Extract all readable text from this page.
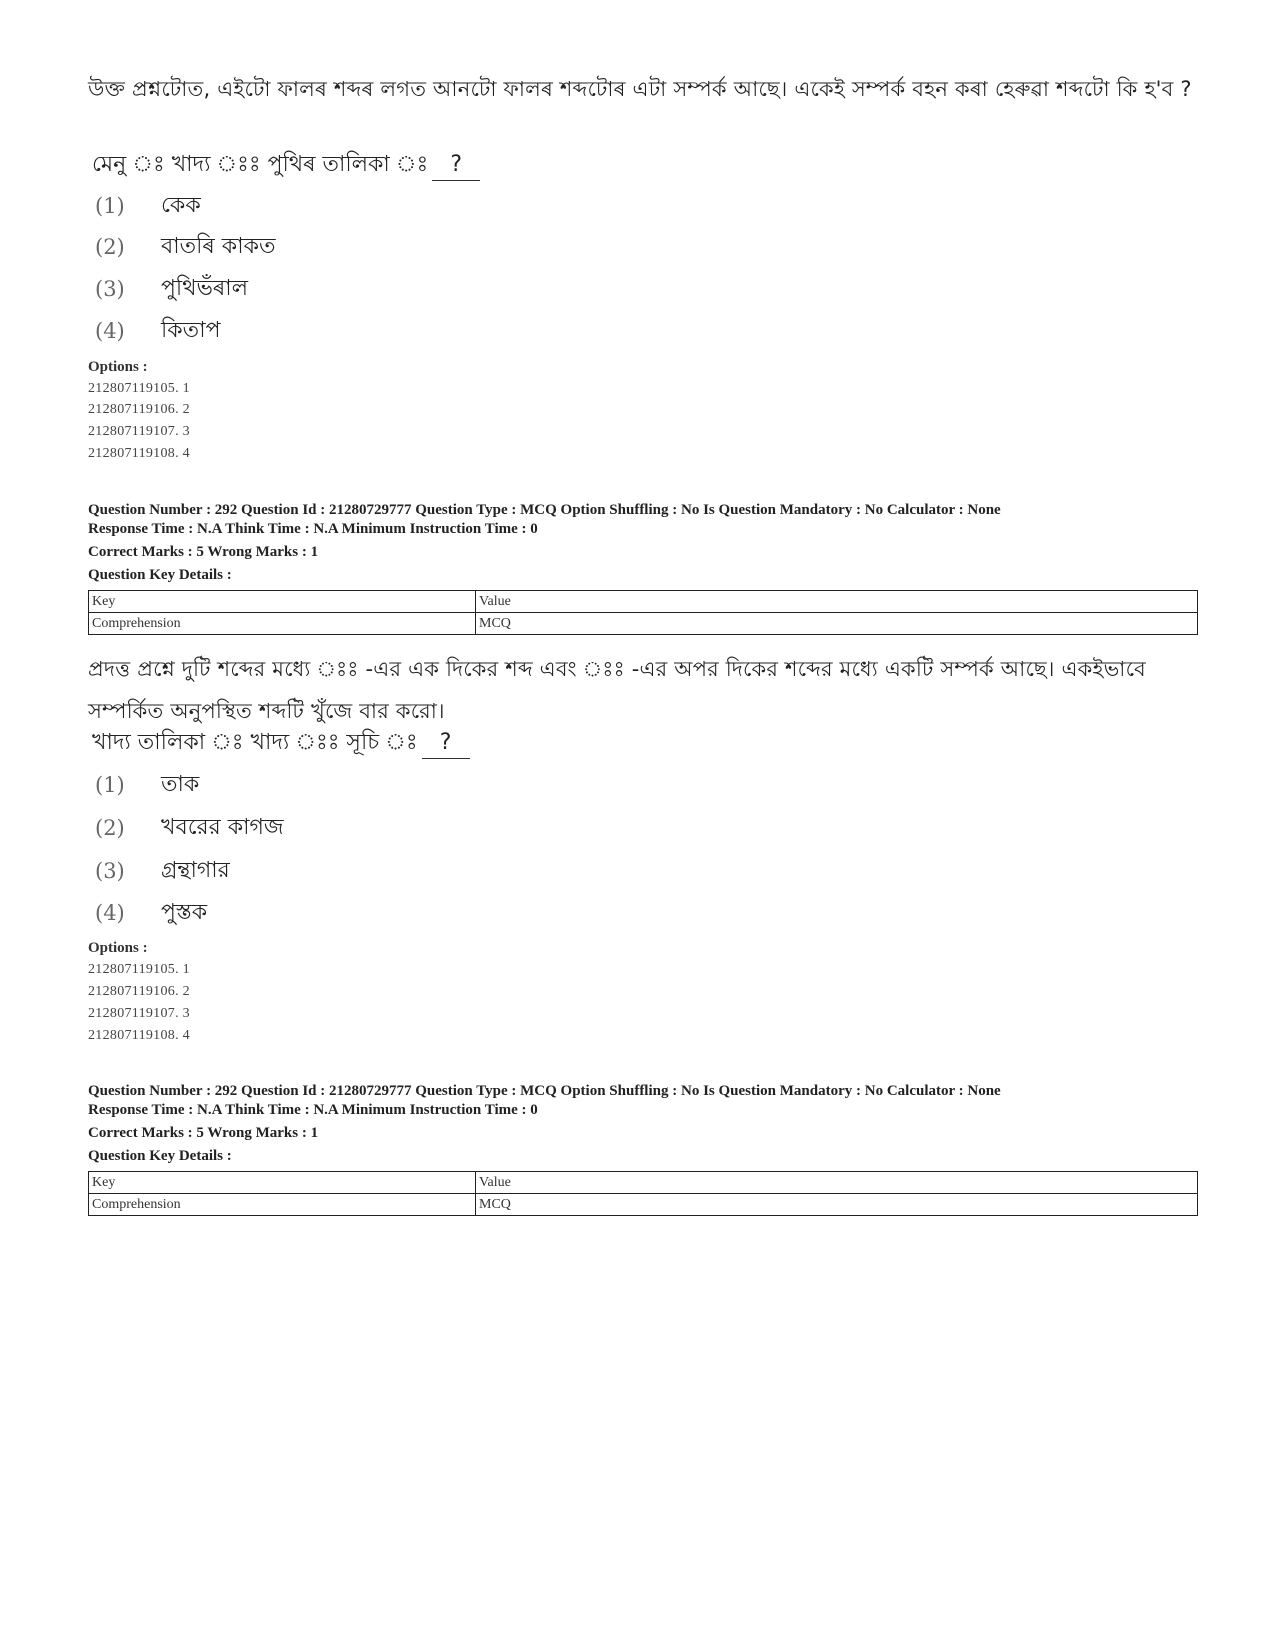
উক্ত প্ৰশ্নটোত, এইটো ফালৰ শব্দৰ লগত আনটো ফালৰ শব্দটোৰ এটা সম্পৰ্ক আছে। একেই সম্পৰ্ক বহন কৰা হেৰুৱা শব্দটো কি হ'ব ?
মেনু ঃ খাদ্য ঃঃ পুথিৰ তালিকা ঃ ?
(1)	কেক
(2)	বাতৰি কাকত
(3)	পুথিভঁৰাল
(4)	কিতাপ
Options :
212807119105. 1
212807119106. 2
212807119107. 3
212807119108. 4
Question Number : 292 Question Id : 21280729777 Question Type : MCQ Option Shuffling : No Is Question Mandatory : No Calculator : None
Response Time : N.A Think Time : N.A Minimum Instruction Time : 0
Correct Marks : 5 Wrong Marks : 1
Question Key Details :
Key	Value
Comprehension	MCQ
প্রদত্ত প্রশ্নে দুটি শব্দের মধ্যে ঃঃ -এর এক দিকের শব্দ এবং ঃঃ -এর অপর দিকের শব্দের মধ্যে একটি সম্পর্ক আছে। একইভাবে সম্পর্কিত অনুপস্থিত শব্দটি খুঁজে বার করো।
খাদ্য তালিকা ঃ খাদ্য ঃঃ সূচি ঃ ?
(1)	তাক
(2)	খবরের কাগজ
(3)	গ্রন্থাগার
(4)	পুস্তক
Options :
212807119105. 1
212807119106. 2
212807119107. 3
212807119108. 4
Question Number : 292 Question Id : 21280729777 Question Type : MCQ Option Shuffling : No Is Question Mandatory : No Calculator : None
Response Time : N.A Think Time : N.A Minimum Instruction Time : 0
Correct Marks : 5 Wrong Marks : 1
Question Key Details :
Key	Value
Comprehension	MCQ
